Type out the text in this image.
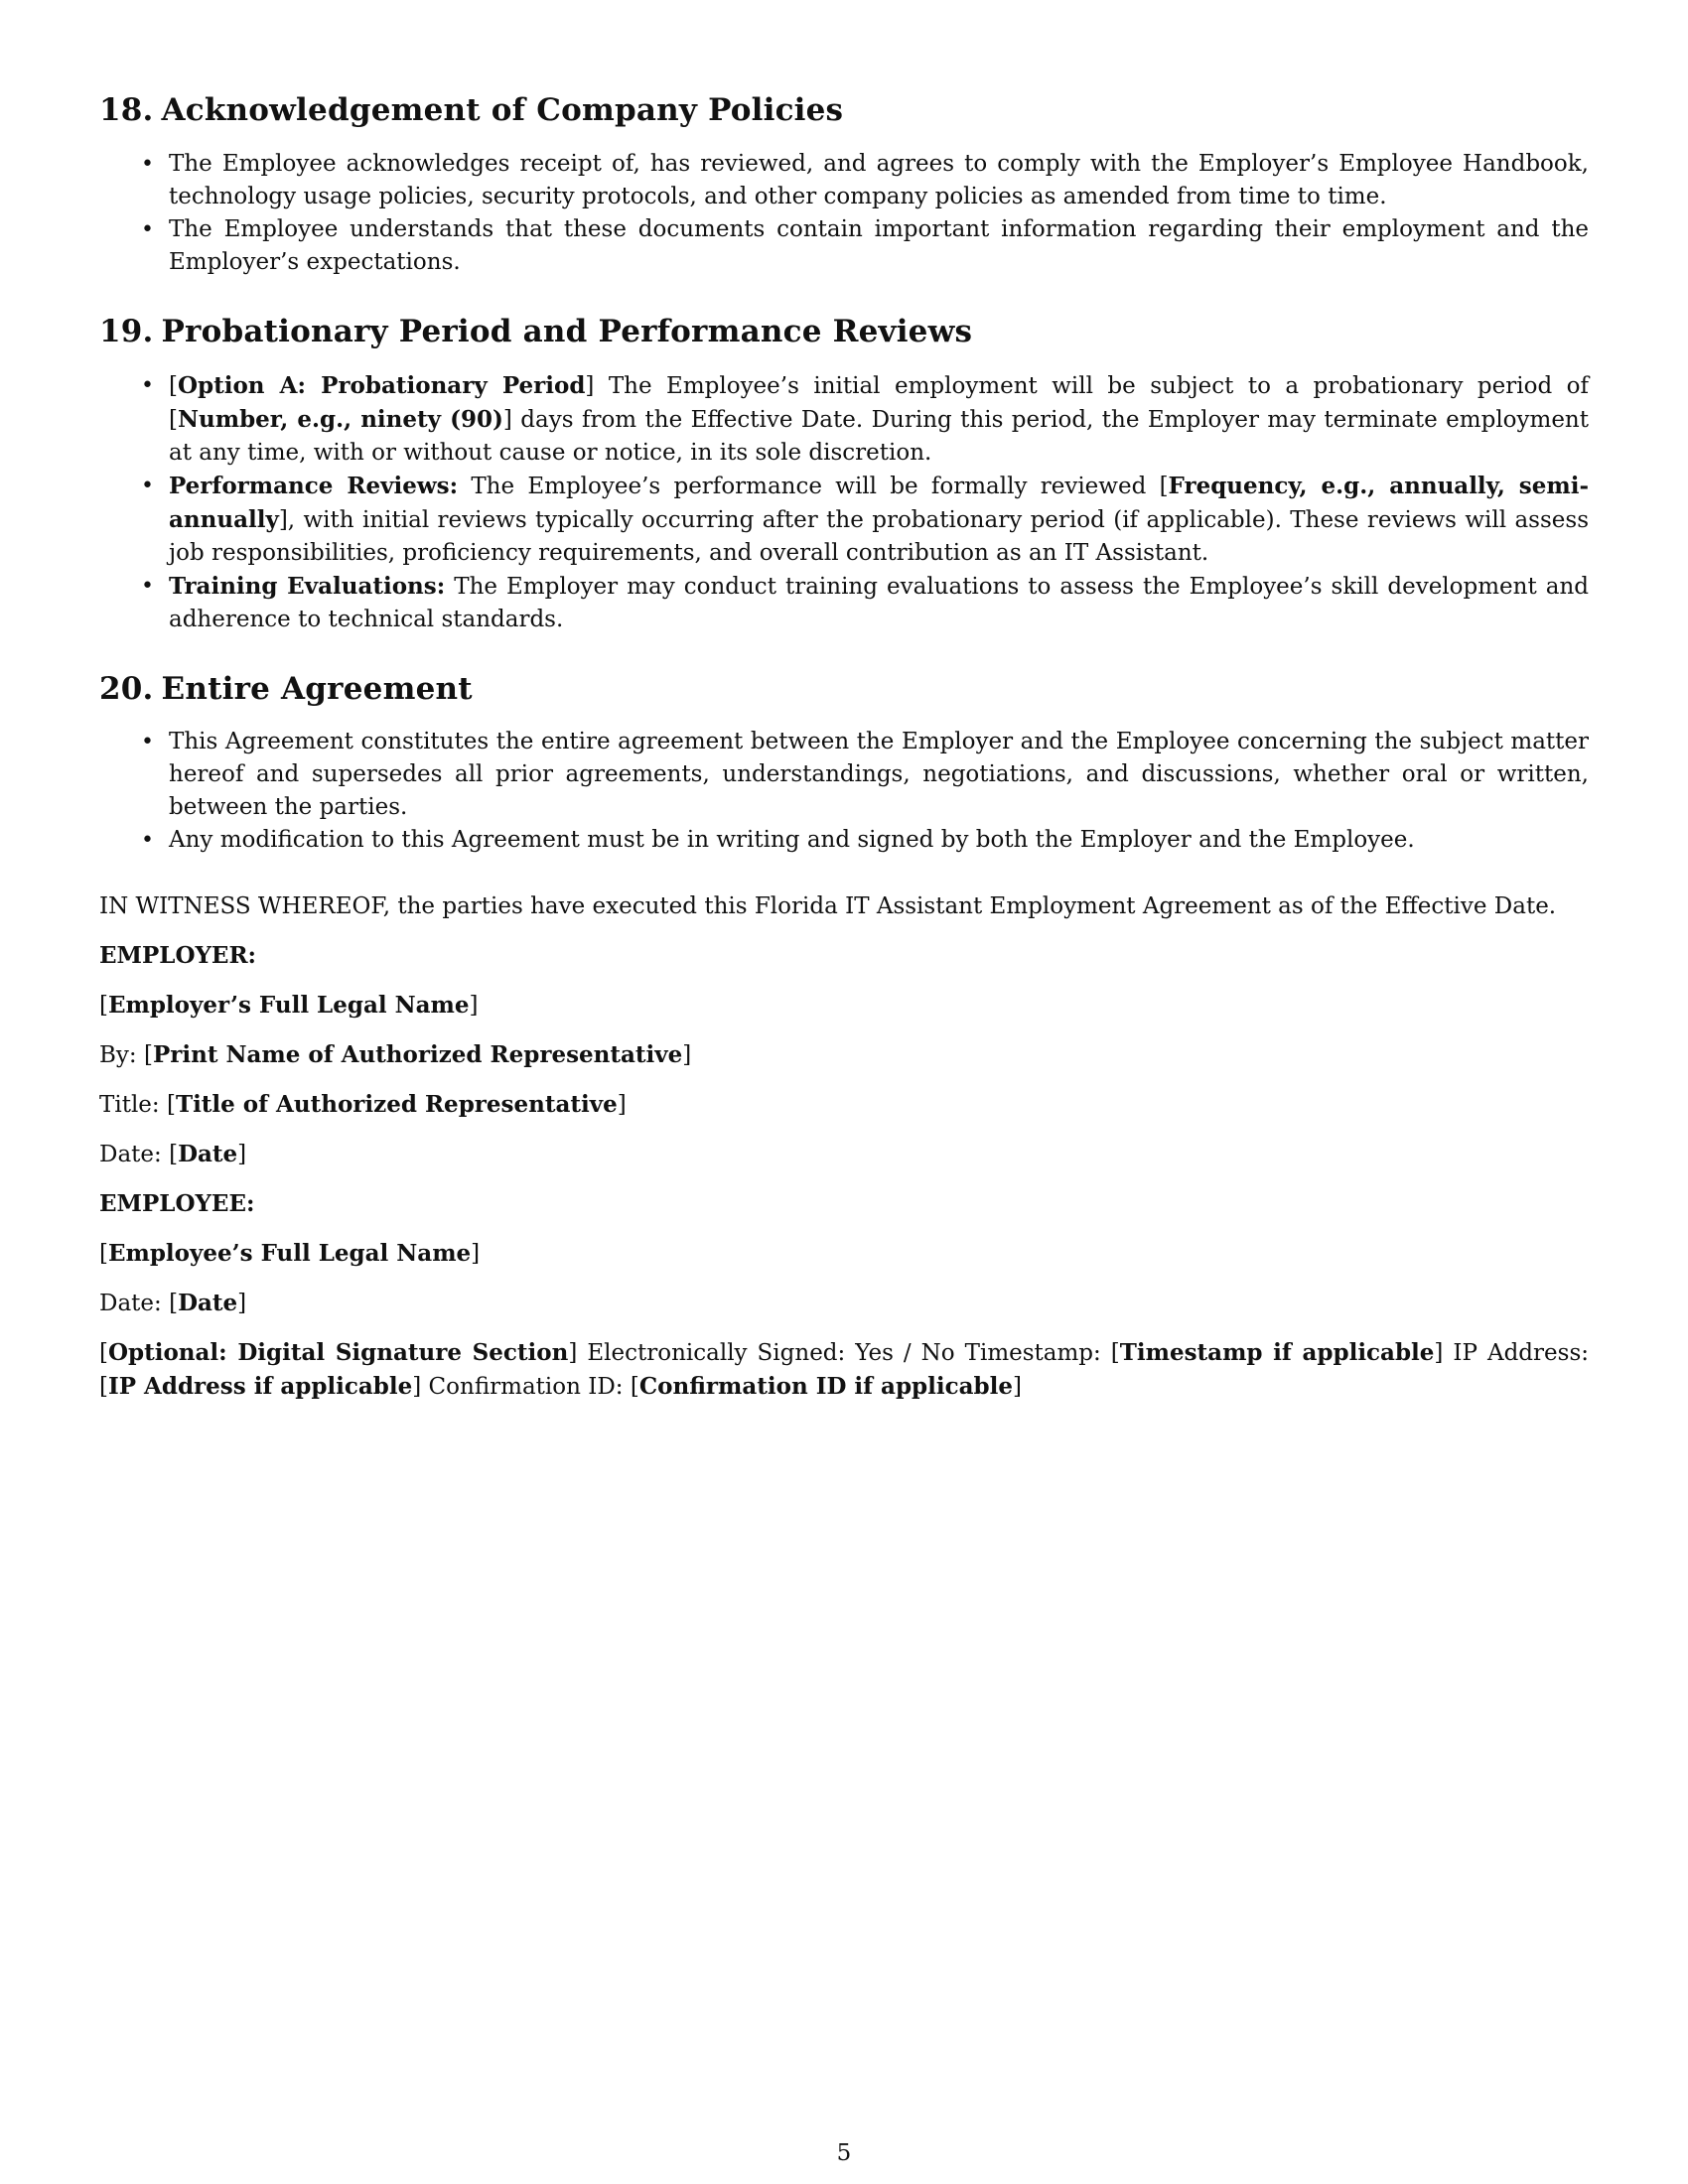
18. Acknowledgement of Company Policies
• The Employee acknowledges receipt of, has reviewed, and agrees to comply with the Employer’s Employee Handbook, technology usage policies, security protocols, and other company policies as amended from time to time.
• The Employee understands that these documents contain important information regarding their employment and the Employer’s expectations.
19. Probationary Period and Performance Reviews
• [Option A: Probationary Period] The Employee’s initial employment will be subject to a probationary period of [Number, e.g., ninety (90)] days from the Effective Date. During this period, the Employer may terminate employment at any time, with or without cause or notice, in its sole discretion.
• Performance Reviews: The Employee’s performance will be formally reviewed [Frequency, e.g., annually, semi-annually], with initial reviews typically occurring after the probationary period (if applicable). These reviews will assess job responsibilities, proficiency requirements, and overall contribution as an IT Assistant.
• Training Evaluations: The Employer may conduct training evaluations to assess the Employee’s skill development and adherence to technical standards.
20. Entire Agreement
• This Agreement constitutes the entire agreement between the Employer and the Employee concerning the subject matter hereof and supersedes all prior agreements, understandings, negotiations, and discussions, whether oral or written, between the parties.
• Any modification to this Agreement must be in writing and signed by both the Employer and the Employee.

IN WITNESS WHEREOF, the parties have executed this Florida IT Assistant Employment Agreement as of the Effective Date.

EMPLOYER:

[Employer’s Full Legal Name]

By: [Print Name of Authorized Representative]

Title: [Title of Authorized Representative]

Date: [Date]

EMPLOYEE:

[Employee’s Full Legal Name]

Date: [Date]

[Optional: Digital Signature Section] Electronically Signed: Yes / No Timestamp: [Timestamp if applicable] IP Address: [IP Address if applicable] Confirmation ID: [Confirmation ID if applicable]

5
